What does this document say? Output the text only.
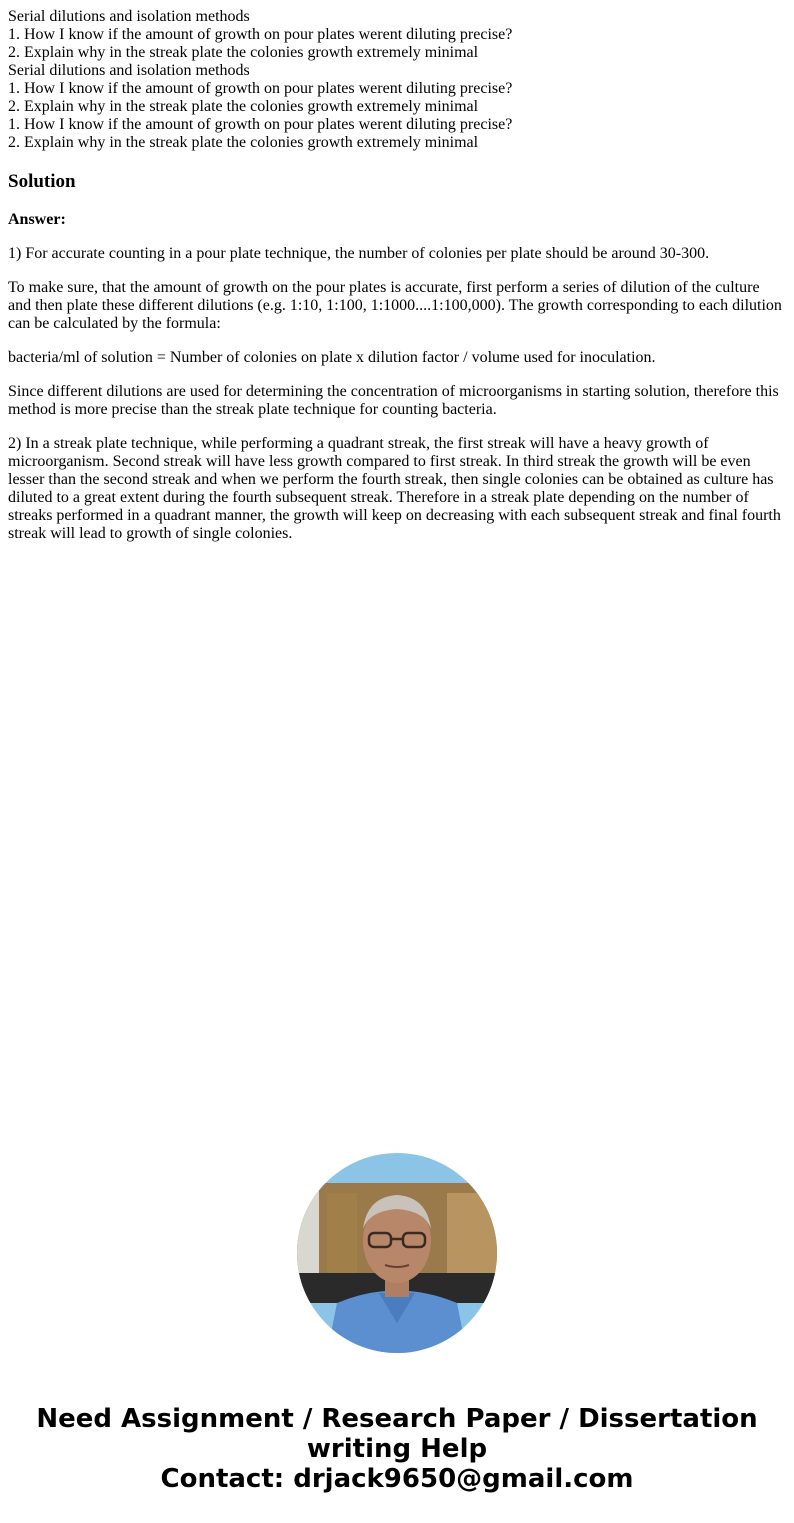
Serial dilutions and isolation methods
1. How I know if the amount of growth on pour plates werent diluting precise?
2. Explain why in the streak plate the colonies growth extremely minimal
Serial dilutions and isolation methods
1. How I know if the amount of growth on pour plates werent diluting precise?
2. Explain why in the streak plate the colonies growth extremely minimal
1. How I know if the amount of growth on pour plates werent diluting precise?
2. Explain why in the streak plate the colonies growth extremely minimal
Solution

Answer:

1) For accurate counting in a pour plate technique, the number of colonies per plate should be around 30-300.

To make sure, that the amount of growth on the pour plates is accurate, first perform a series of dilution of the culture and then plate these different dilutions (e.g. 1:10, 1:100, 1:1000....1:100,000). The growth corresponding to each dilution can be calculated by the formula:

bacteria/ml of solution = Number of colonies on plate x dilution factor / volume used for inoculation.

Since different dilutions are used for determining the concentration of microorganisms in starting solution, therefore this method is more precise than the streak plate technique for counting bacteria.

2) In a streak plate technique, while performing a quadrant streak, the first streak will have a heavy growth of microorganism. Second streak will have less growth compared to first streak. In third streak the growth will be even lesser than the second streak and when we perform the fourth streak, then single colonies can be obtained as culture has diluted to a great extent during the fourth subsequent streak. Therefore in a streak plate depending on the number of streaks performed in a quadrant manner, the growth will keep on decreasing with each subsequent streak and final fourth streak will lead to growth of single colonies.

Need Assignment / Research Paper / Dissertation
writing Help
Contact: drjack9650@gmail.com
